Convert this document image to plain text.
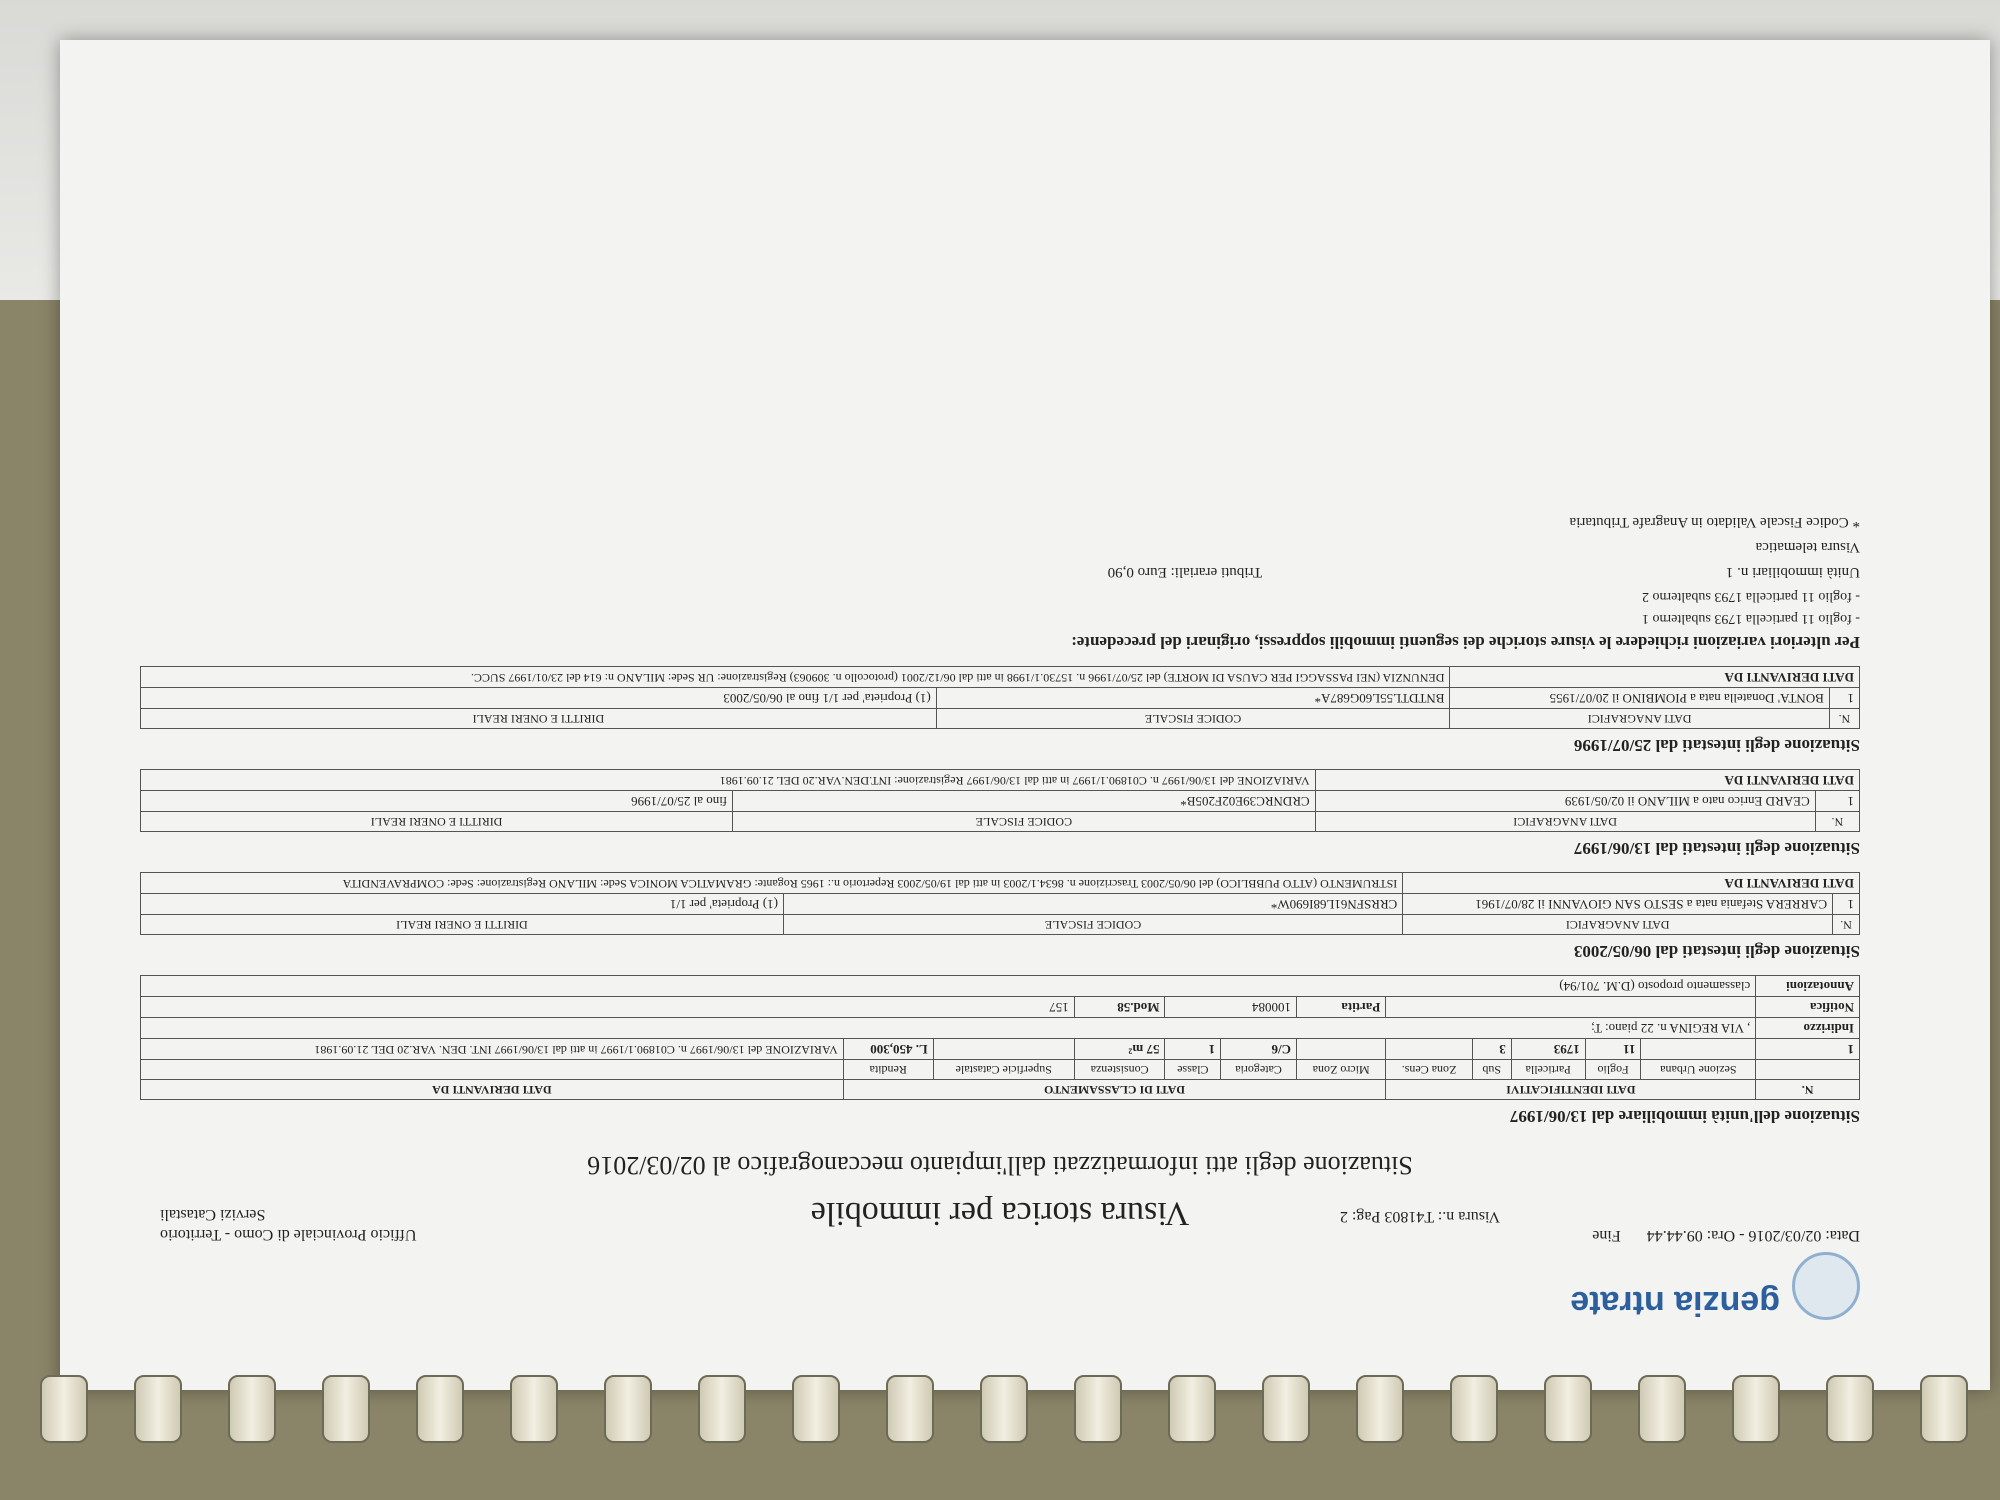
genzia ntrate
Data: 02/03/2016 - Ora: 09.44.44Fine
Visura n.: T41803 Pag: 2
Ufficio Provinciale di Como - Territorio
Servizi Catastali	Visura storica per immobile
Situazione degli atti informatizzati dall'impianto meccanografico al 02/03/2016
Situazione dell'unità immobiliare dal 13/06/1997
N.	DATI IDENTIFICATIVI					DATI DI CLASSAMENTO						DATI DERIVANTI DA
	Sezione Urbana	Foglio	Particella	Sub	Zona Cens.	Micro Zona	Categoria	Classe	Consistenza	Superficie Catastale	Rendita	
1		11	1793	3			C/6	1	57 m²		L. 450,300	VARIAZIONE del 13/06/1997 n. C01890.1/1997 in atti dal 13/06/1997 INT. DEN. VAR.20 DEL 21.09.1981
Indirizzo	, VIA REGINA n. 22 piano: T;											
Notifica						Partita	100084		Mod.58	157		
Annotazioni	classamento proposto (D.M. 701/94)											
Situazione degli intestati dal 06/05/2003
N.	DATI ANAGRAFICI	CODICE FISCALE	DIRITTI E ONERI REALI
1	CARRERA Stefania nata a SESTO SAN GIOVANNI il 28/07/1961	CRRSFN61L68I690W*	(1) Proprieta' per 1/1
DATI DERIVANTI DA		ISTRUMENTO (ATTO PUBBLICO) del 06/05/2003 Trascrizione n. 8634.1/2003 in atti dal 19/05/2003 Repertorio n.: 1965 Rogante: GRAMATICA MONICA Sede: MILANO Registrazione: Sede: COMPRAVENDITA	
Situazione degli intestati dal 13/06/1997
N.	DATI ANAGRAFICI	CODICE FISCALE	DIRITTI E ONERI REALI
1	CEARD Enrico nato a MILANO il 02/05/1939	CRDNRC39E02F205B*	fino al 25/07/1996
DATI DERIVANTI DA		VARIAZIONE del 13/06/1997 n. C01890.1/1997 in atti dal 13/06/1997 Registrazione: INT.DEN.VAR.20 DEL 21.09.1981	
Situazione degli intestati dal 25/07/1996
N.	DATI ANAGRAFICI	CODICE FISCALE	DIRITTI E ONERI REALI
1	BONTA' Donatella nata a PIOMBINO il 20/07/1955	BNTDTL55L60G687A*	(1) Proprieta' per 1/1 fino al 06/05/2003
DATI DERIVANTI DA		DENUNZIA (NEI PASSAGGI PER CAUSA DI MORTE) del 25/07/1996 n. 15730.1/1998 in atti dal 06/12/2001 (protocollo n. 309063) Registrazione: UR Sede: MILANO n: 614 del 23/01/1997 SUCC.	
Per ulteriori variazioni richiedere le visure storiche dei seguenti immobili soppressi, originari del precedente:
- foglio 11 particella 1793 subalterno 1
- foglio 11 particella 1793 subalterno 2
Unità immobiliari n. 1 Tributi erariali: Euro 0,90
Visura telematica
* Codice Fiscale Validato in Anagrafe Tributaria
